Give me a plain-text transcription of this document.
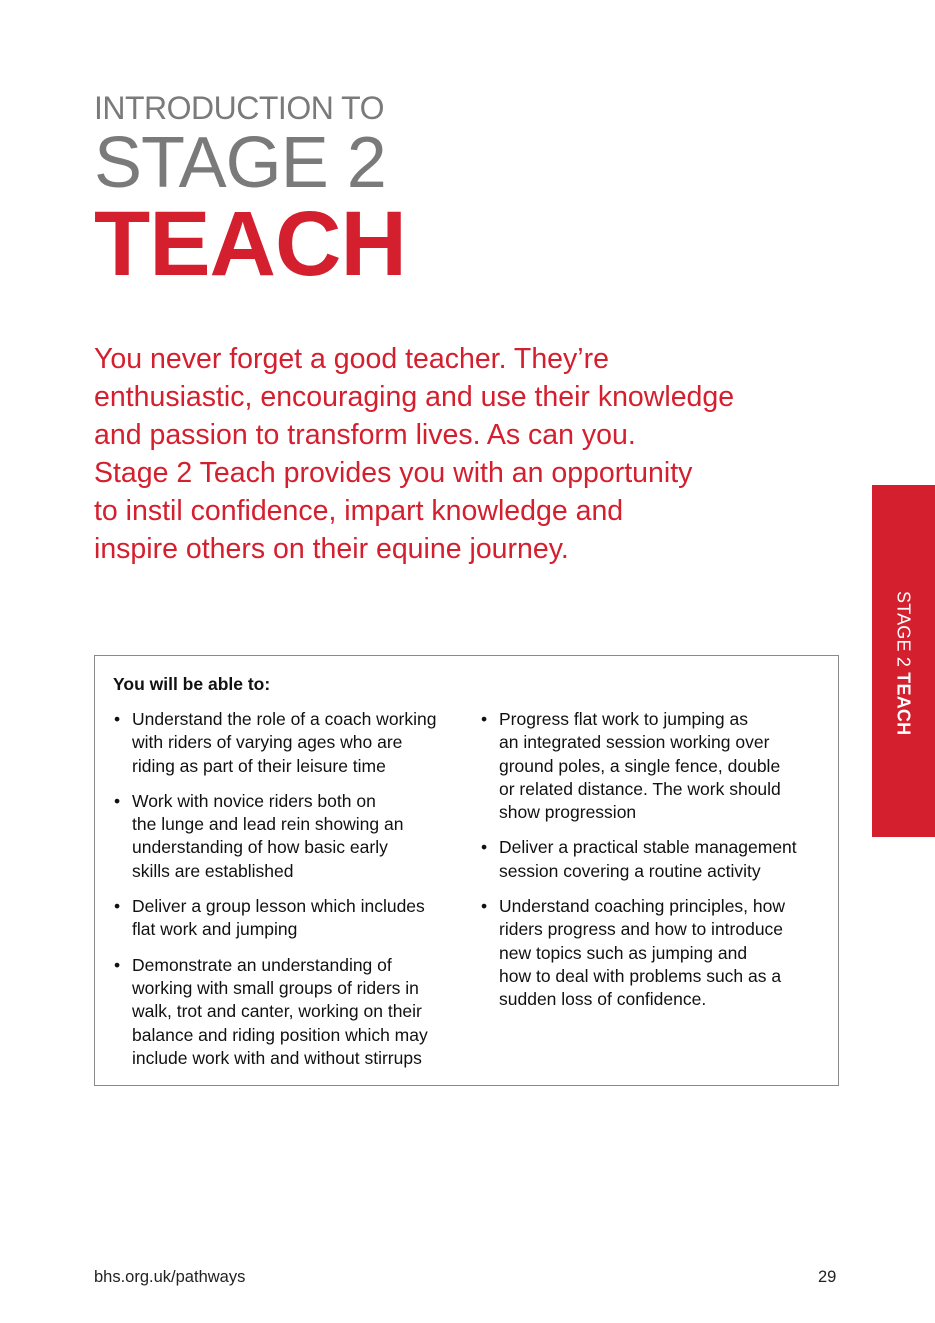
INTRODUCTION TO
STAGE 2
TEACH

You never forget a good teacher. They’re
enthusiastic, encouraging and use their knowledge
and passion to transform lives. As can you.
Stage 2 Teach provides you with an opportunity
to instil confidence, impart knowledge and
inspire others on their equine journey.

STAGE 2 TEACH
You will be able to:
• Understand the role of a coach working
with riders of varying ages who are
riding as part of their leisure time
• Work with novice riders both on
the lunge and lead rein showing an
understanding of how basic early
skills are established
• Deliver a group lesson which includes
flat work and jumping
• Demonstrate an understanding of
working with small groups of riders in
walk, trot and canter, working on their
balance and riding position which may
include work with and without stirrups
• Progress flat work to jumping as
an integrated session working over
ground poles, a single fence, double
or related distance. The work should
show progression
• Deliver a practical stable management
session covering a routine activity
• Understand coaching principles, how
riders progress and how to introduce
new topics such as jumping and
how to deal with problems such as a
sudden loss of confidence.
bhs.org.uk/pathways	29
